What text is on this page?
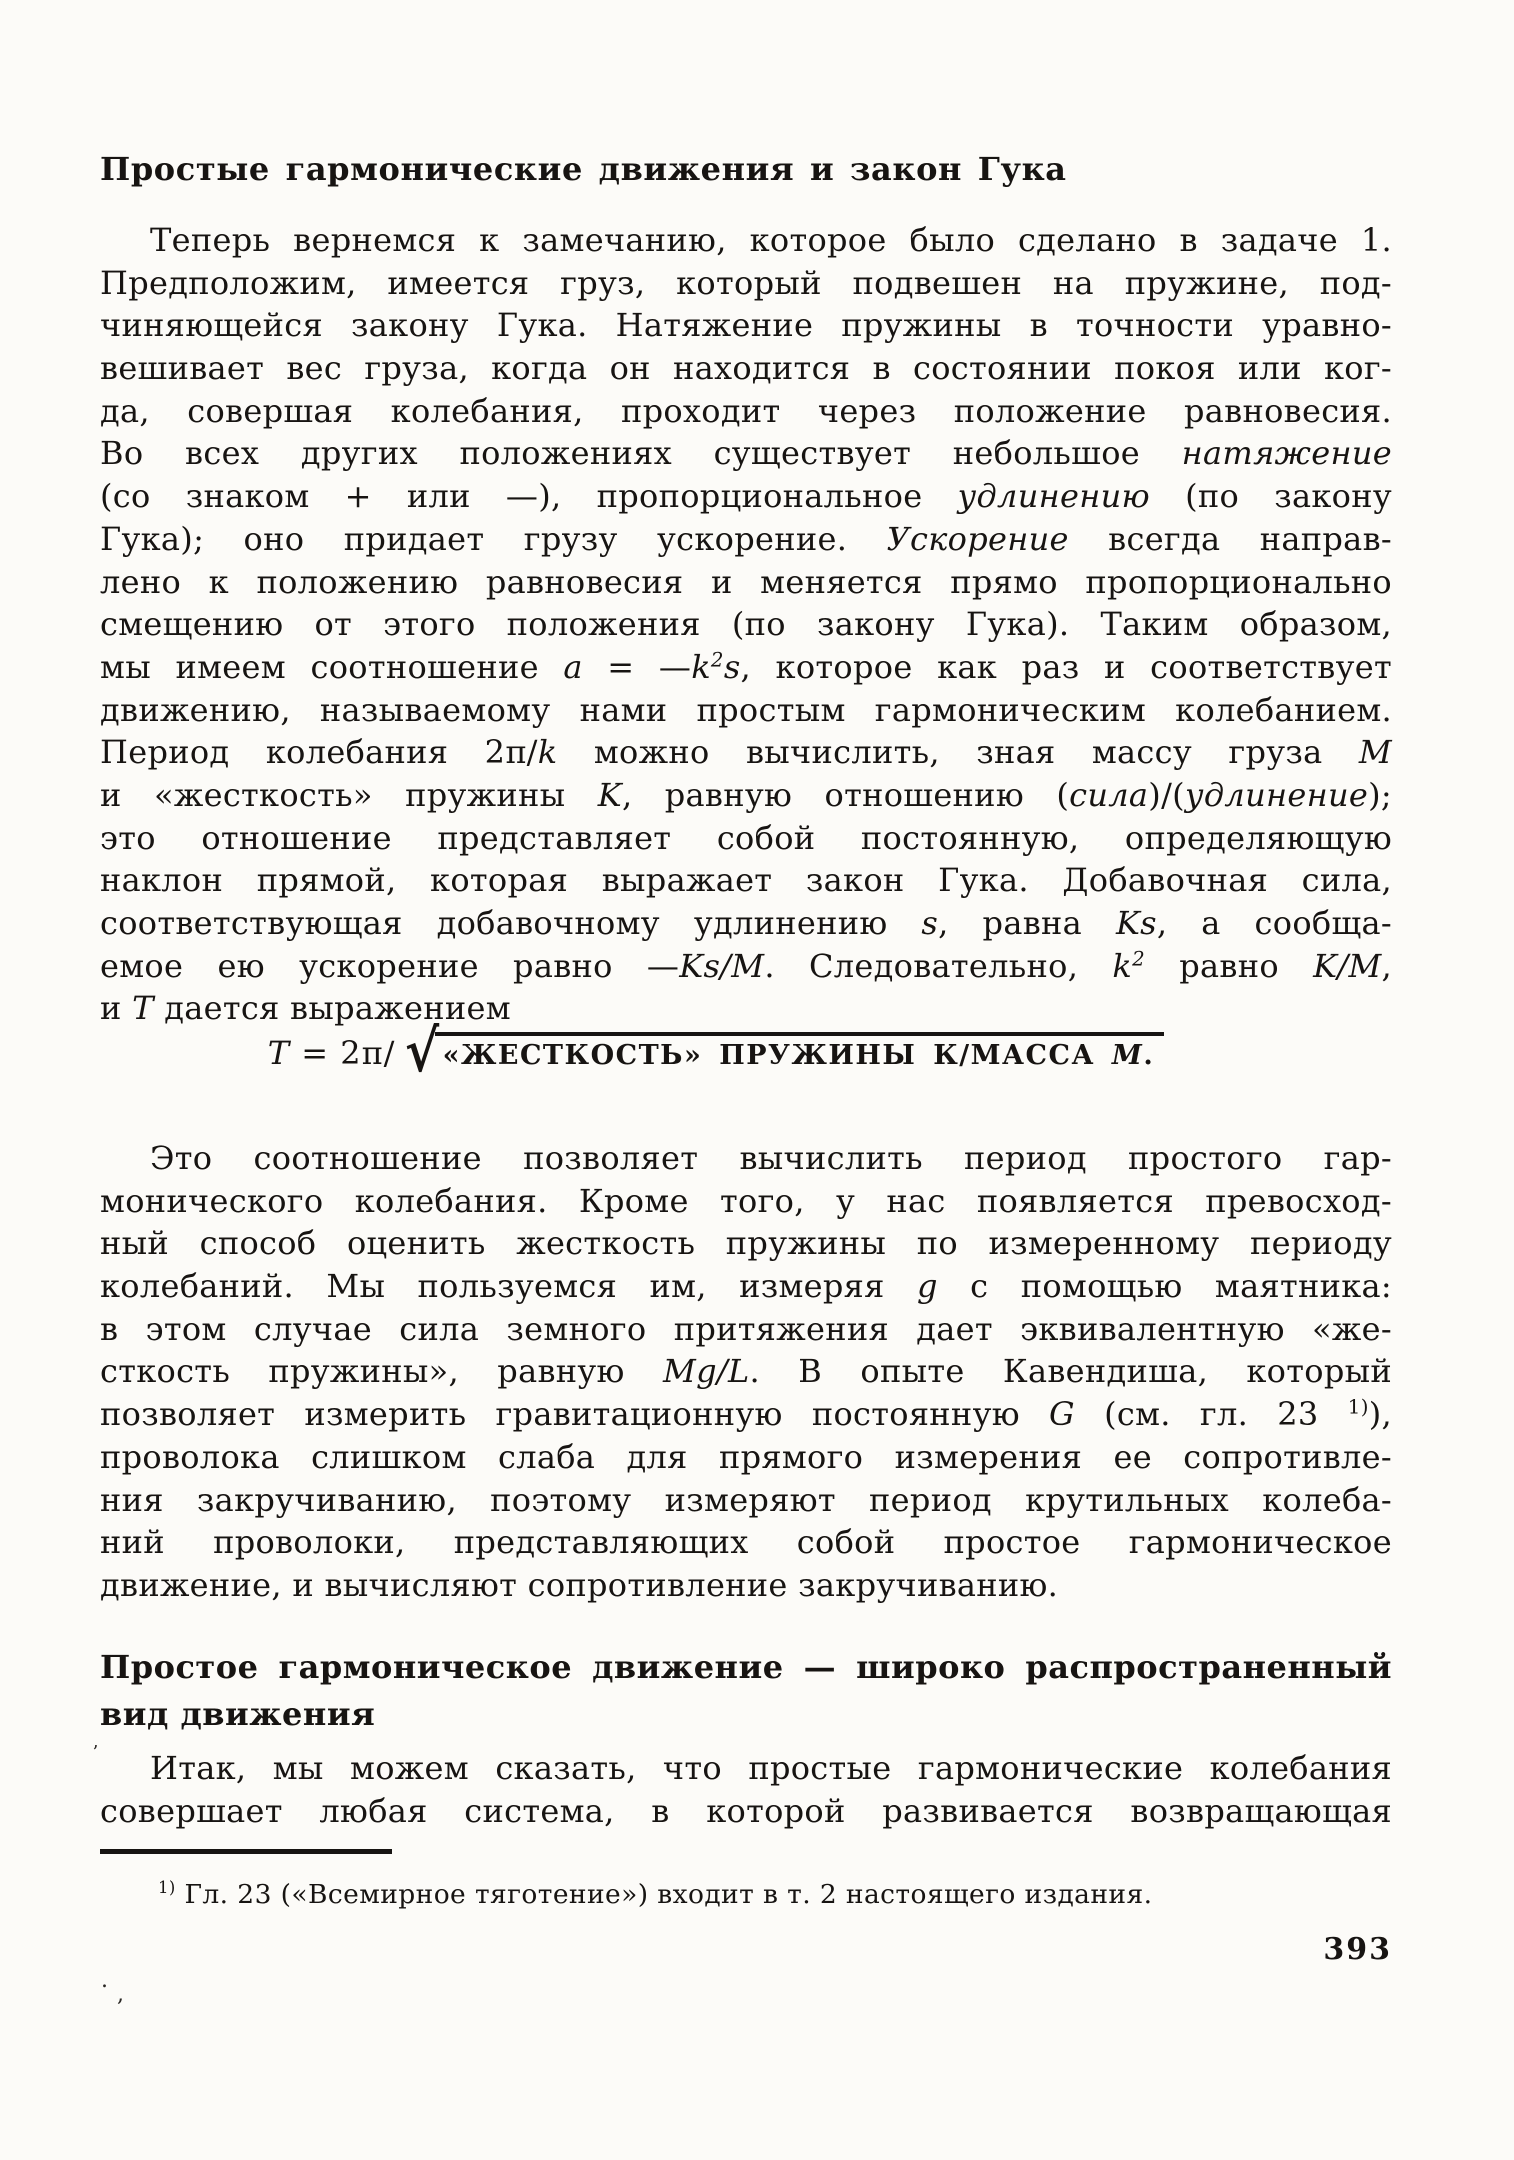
Простые гармонические движения и закон Гука
Теперь вернемся к замечанию, которое было сделано в задаче 1.
Предположим, имеется груз, который подвешен на пружине, под-
чиняющейся закону Гука. Натяжение пружины в точности уравно-
вешивает вес груза, когда он находится в состоянии покоя или ког-
да, совершая колебания, проходит через положение равновесия.
Во всех других положениях существует небольшое натяжение
(со знаком + или —), пропорциональное удлинению (по закону
Гука); оно придает грузу ускорение. Ускорение всегда направ-
лено к положению равновесия и меняется прямо пропорционально
смещению от этого положения (по закону Гука). Таким образом,
мы имеем соотношение $a = —k^2s$, которое как раз и соответствует
движению, называемому нами простым гармоническим колебанием.
Период колебания 2π/k можно вычислить, зная массу груза M
и «жесткость» пружины K, равную отношению (сила)/(удлинение);
это отношение представляет собой постоянную, определяющую
наклон прямой, которая выражает закон Гука. Добавочная сила,
соответствующая добавочному удлинению s, равна Ks, а сообща-
емое ею ускорение равно —Ks/M. Следовательно, $k^2$ равно K/M,
и T дается выражением
T = 2π/ √ «ЖЕСТКОСТЬ» ПРУЖИНЫ К/МАССА M.
Это соотношение позволяет вычислить период простого гар-
монического колебания. Кроме того, у нас появляется превосход-
ный способ оценить жесткость пружины по измеренному периоду
колебаний. Мы пользуемся им, измеряя g с помощью маятника:
в этом случае сила земного притяжения дает эквивалентную «же-
сткость пружины», равную Mg/L. В опыте Кавендиша, который
позволяет измерить гравитационную постоянную G (см. гл. 23 $^{1)}$),
проволока слишком слаба для прямого измерения ее сопротивле-
ния закручиванию, поэтому измеряют период крутильных колеба-
ний проволоки, представляющих собой простое гармоническое
движение, и вычисляют сопротивление закручиванию.
Простое гармоническое движение — широко распространенный
вид движения
Итак, мы можем сказать, что простые гармонические колебания
совершает любая система, в которой развивается возвращающая
$^{1)}$ Гл. 23 («Всемирное тяготение») входит в т. 2 настоящего издания.
393
ʼ
.
,
